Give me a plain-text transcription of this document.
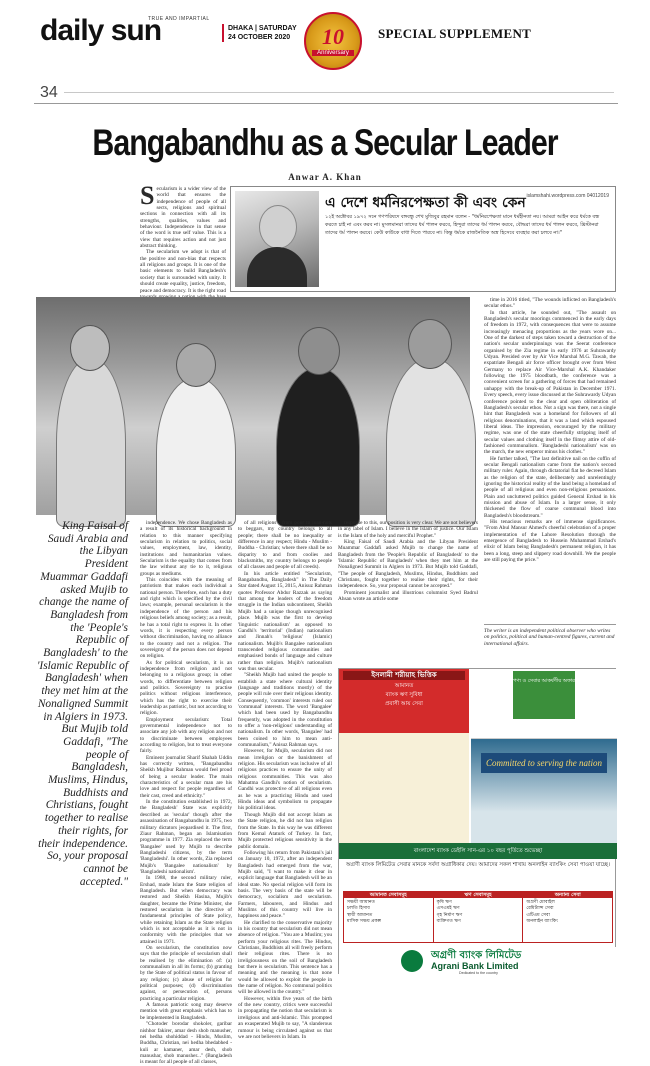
daily sun
TRUE AND IMPARTIAL
DHAKA | SATURDAY
24 OCTOBER 2020	10
Anniversary
SPECIAL SUPPLEMENT
34
Bangabandhu as a Secular Leader
Anwar A. Khan

Secularism is a wider view of the world that ensures the independence of people of all sects, religions and spiritual sections in connection with all its strengths, qualities, values and behaviour. Independence in that sense of the word is true self value. This is a view that requires action and not just abstract thinking.

The secularism we adopt is that of the positive and non-bias that respects all religions and groups. It is one of the basic elements to build Bangladesh's society that is surrounded with unity. It should create equality, justice, freedom, peace and democracy. It is the right road

এ দেশে ধর্মনিরপেক্ষতা কী এবং কেন islamshahi.wordpress.com 04012019
১২ই অক্টোবর ১৯৭২ সনে গণপরিষদে বঙ্গবন্ধু শেখ মুজিবুর রহমান বলেন - "ধর্মনিরপেক্ষতা মানে ধর্মহীনতা নয়। আমরা আইন করে ধর্মকে বন্ধ করতে চাই না এবং করব না। মুসলমানরা তাদের ধর্ম পালন করবে, হিন্দুরা তাদের ধর্ম পালন করবে, বৌদ্ধরা তাদের ধর্ম পালন করবে, খ্রিস্টানরা তাদের ধর্ম পালন করবে। কেউ কাউকে বাধা দিতে পারবে না। কিন্তু ধর্মকে রাজনৈতিক অস্ত্র হিসেবে ব্যবহার করা চলবে না।"
King Faisal of Saudi Arabia and the Libyan President Muammar Gaddafi asked Mujib to change the name of Bangladesh from the 'People's Republic of Bangladesh' to the 'Islamic Republic of Bangladesh' when they met him at the Nonaligned Summit in Algiers in 1973. But Mujib told Gaddafi, "The people of Bangladesh, Muslims, Hindus, Buddhists and Christians, fought together to realise their rights, for their independence. So, your proposal cannot be accepted."

independence. We chose Bangladesh as a result of its historical background in relation to this manner specifying secularism in relation to politics, social values, employment, law, identity, institutions and humanitarian values. Secularism is the equality that comes from the law without any tie to it, religious groups as mediums.

This coincides with the meaning of patriotism that makes each individual a national person. Therefore, each has a duty and right which is specified by the civil laws; example, personal secularism is the independence of the person and his religious beliefs among society; as a result, he has a total right to express it. In other words, it is respecting every person without discrimination, having no alliance to the country and not a religion. The sovereignty of the person does not depend on religion.

As for political secularism, it is an independence from religion and not belonging to a religious group; in other words, to differentiate between religion and politics. Sovereignty to practise politics without religious interference, which has the right to exercise their leadership as patriotic, but not according to religion.

Employment secularism: Total governmental independence not to associate any job with any religion and not to discriminate between employees according to religion, but to treat everyone fairly.

Eminent journalist Sharif Shahab Uddin has correctly written, "Bangabandhu Sheikh Mujibur Rahman would feel proud of being a secular leader. The main characteristics of a secular man are his love and respect for people regardless of their cast, creed and ethnicity."

In the constitution established in 1972, the Bangladesh' State was explicitly described as 'secular' though after the assassination of Bangabandhu in 1975, two military dictators jeopardised it. The first, Ziaur Rahman, began an Islamisation programme in 1977. Zia replaced the term 'Bangalee' used by Mujib to describe Bangladeshi citizens, by the term 'Bangladeshi'. In other words, Zia replaced Mujib's 'Bangalee nationalism' by 'Bangladeshi nationalism'.

In 1988, the second military ruler, Ershad, made Islam the State religion of Bangladesh. But when democracy was restored and Sheikh Hasina, Mujib's daughter, became the Prime Minister, she restored secularism in the directive of fundamental principles of State policy, while retaining Islam as the State religion which is not acceptable as it is not in conformity with the principles that we attained in 1971.

On secularism, the constitution now says that the principle of secularism shall be realised by the elimination of: (a) communalism in all its forms; (b) granting by the State of political status in favour of any religion; (c) abuse of religion for political purposes; (d) discrimination against, or persecution of, persons practicing a particular religion.

A famous patriotic song may deserve mention with great emphasis which has to be implemented in Bangladesh.

"Chotoder borodar shokoler, garibar nishhor fakirer, amar desh shob manusher, nei hedha shohiddad - Hindu, Muslim, Buddha, Christian, nei hedha bhedabhed - kuli ar kamaner, amar desh, shob manushar, shob manusher..." (Bangladesh is meant for all people of all classes,

of all religions - from poor to loan-nots to beggars, my country belongs to all people; there shall be no inequality or difference in any respect; Hindu - Muslim - Buddha - Christian; where there shall be no disparity to and from coolies and blacksmiths, my country belongs to people of all classes and people of all creeds).

In his article entitled "Secularism, Bangabandhu, Bangladesh" in The Daily Star dated August 15, 2015, Anisuz Rahman quotes Professor Abdur Razzak as saying that among the leaders of the freedom struggle in the Indian subcontinent, Sheikh Mujib had a unique though unrecognised place. Mujib was the first to develop 'linguistic nationalism' as opposed to Gandhi's 'territorial' (Indian) nationalism and Jinnah's 'religious' (Islamic) nationalism. Mujib's Bangalee nationalism transcended religious communities and emphasised bonds of language and culture rather than religion. Mujib's nationalism was thus secular.

"Sheikh Mujib had united the people to establish a state where cultural identity (language and traditions mostly) of the people will rule over their religious identity. Consequently, 'common' interests ruled out 'communal' interests. The word 'Bangalee' which had been used by Bangabandhu frequently, was adopted in the constitution to offer a 'non-religious' understanding of nationalism. In other words, 'Bangalee' had been coined to him to mean anti-communalism," Anisuz Rahman says.

However, for Mujib, secularism did not mean irreligion or the banishment of religion. His secularism was inclusive of all religious practices to ensure the unity of religious communities. This was also Mahatma Gandhi's notion of secularism. Gandhi was protective of all religions even as he was a practicing Hindu and used Hindu ideas and symbolism to propagate his political ideas.

Though Mujib did not accept Islam as the State religion, he did not ban religion from the State. In this way he was different from Kemal Ataturk of Turkey. In fact, Mujib protected religious sensitivity in the public domain.

Following his return from Pakistani's jail on January 10, 1972, after an independent Bangladesh had emerged from the war, Mujib said, "I want to make it clear in explicit language that Bangladesh will be an ideal state. No special religion will form its basis. The very basis of the state will be democracy, socialism and secularism. Farmers, labourers, and Hindus and Muslims of this country will live in happiness and peace."

He clarified to the conservative majority in his country that secularism did not mean absence of religion. "You are a Muslim; you perform your religious rites. The Hindus, Christians, Buddhists all will freely perform their religious rites. There is no irreligiousness on the soil of Bangladesh but there is secularism. This sentence has a meaning and the meaning is that none would be allowed to exploit the people in the name of religion. No communal politics will be allowed in the country."

However, within five years of the birth of the new country, critics were successful in propagating the notion that secularism is irreligious and anti-Islamic. This prompted an exasperated Mujib to say, "A slanderous rumour is being circulated against us that we are not believers in Islam. In

response to this, our position is very clear. We are not believers in any label of Islam. I believe in the Islam of justice. Our Islam is the Islam of the holy and merciful Prophet."

King Faisal of Saudi Arabia and the Libyan President Muammar Gaddafi asked Mujib to change the name of Bangladesh from the 'People's Republic of Bangladesh' to the 'Islamic Republic of Bangladesh' when they met him at the Nonaligned Summit in Algiers in 1973. But Mujib told Gaddafi, "The people of Bangladesh, Muslims, Hindus, Buddhists and Christians, fought together to realise their rights, for their independence. So, your proposal cannot be accepted."

Prominent journalist and illustrious columnist Syed Badrul Ahsan wrote an article some

time in 2016 titled, "The wounds inflicted on Bangladesh's secular ethos."

In that article, he sounded out, "The assault on Bangladesh's secular moorings commenced in the early days of freedom in 1972, with consequences that were to assume increasingly menacing proportions as the years wore on... One of the darkest of steps taken toward a destruction of the nation's secular underpinnings was the Seerat conference organised by the Zia regime in early 1976 at Suhrawardy Udyan. Presided over by Air Vice Marshal M.G. Tawab, the expatriate Bengali air force officer brought over from West Germany to replace Air Vice-Marshal A.K. Khandaker following the 1975 bloodbath, the conference was a convenient screen for a gathering of forces that had remained unhappy with the break-up of Pakistan in December 1971. Every speech, every issue discussed at the Suhrawardy Udyan conference pointed to the clear and open obliteration of Bangladesh's secular ethos. Not a sign was there, not a single hint that Bangladesh was a homeland for followers of all religious denominations, that it was a land which espoused liberal ideas. The impression, encouraged by the military regime, was one of the state cheerfully stripping itself of secular values and clothing itself in the flimsy attire of old-fashioned communalism. 'Bangladeshi nationalism' was on the march, the new emperor minus his clothes."

He further talked, "The last definitive nail on the coffin of secular Bengali nationalism came from the nation's second military ruler. Again, through dictatorial fiat he decreed Islam as the religion of the state, deliberately and unrelentingly ignoring the historical reality of the land being a homeland of people of all religious and even non-religious persuasions. Plain and uncluttered politics guided General Ershad in his mission and abuse of Islam. In a larger sense, it only thickened the flow of coarse communal blood into Bangladesh's bloodstream."

His tenacious remarks are of immense significances. "From Abul Mansur Ahmed's cheerful celebration of a proper implementation of the Lahore Resolution through the emergence of Bangladesh to Hussein Muhammad Ershad's elixir of Islam being Bangladesh's permanent religion, it has been a long, steep and slippery road downhill. We the people are still paying the price."

The writer is an independent political observer who writes on politics, political and human-centred figures, current and international affairs.
ইসলামী শরীয়াহ ভিত্তিক
আমানত
ব্যাংক ঋণ সুবিধা
প্রবাসী আয় সেবা
পণ্য ও সেবার আকর্ষণীয় অফার
Committed to serving the nation
বাংলাদেশ ব্যাংক ডেইলি সান-এর ১০ বছর পূর্তিতে শুভেচ্ছা
অগ্রণী ব্যাংক লিমিটেড সেবার মানকে সর্বদা অগ্রাধিকার দেয়। আমাদের সকল শাখায় অনলাইন ব্যাংকিং সেবা পাওয়া যাচ্ছে।
আমানত সেবাসমূহ
সঞ্চয়ী আমানত
চলতি হিসাব
স্থায়ী আমানত
মাসিক সঞ্চয় প্রকল্প
ঋণ সেবাসমূহ
কৃষি ঋণ
এসএমই ঋণ
গৃহ নির্মাণ ঋণ
ব্যক্তিগত ঋণ
অন্যান্য সেবা
অগ্রণী মোবাইল
রেমিট্যান্স সেবা
এটিএম সেবা
অনলাইন ব্যাংকিং
অগ্রণী ব্যাংক লিমিটেড
Agrani Bank Limited
Dedicated to the country
